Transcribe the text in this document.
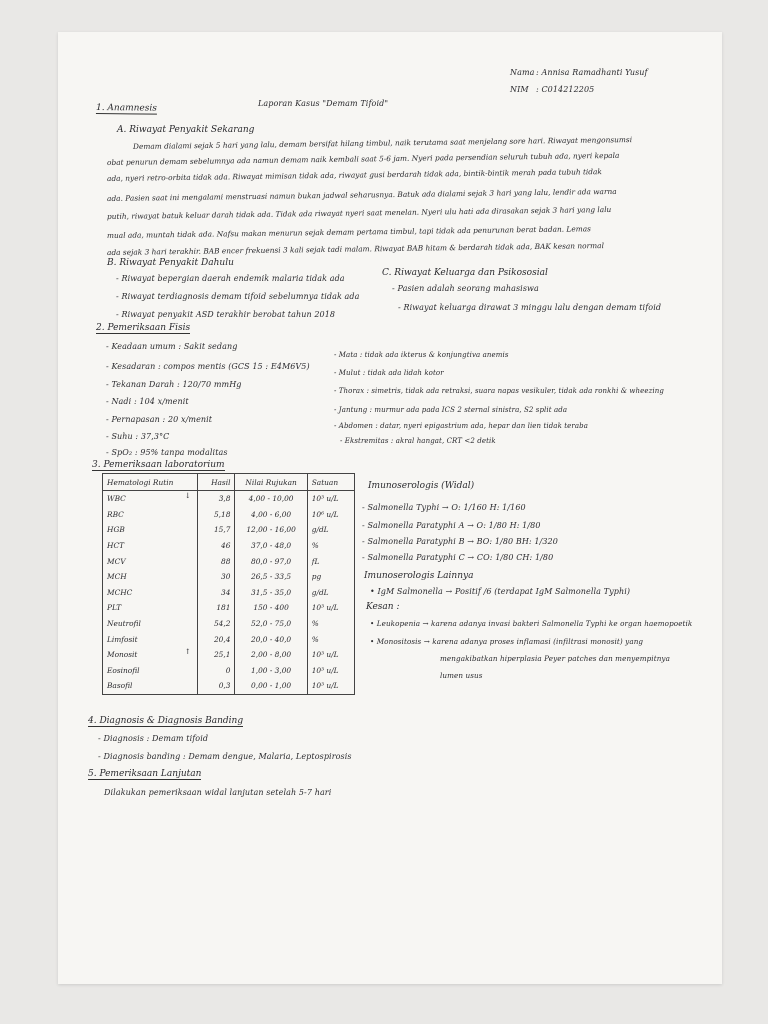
Nama : Annisa Ramadhanti Yusuf
NIM : C014212205
Laporan Kasus "Demam Tifoid"
1. Anamnesis
A. Riwayat Penyakit Sekarang
Demam dialami sejak 5 hari yang lalu, demam bersifat hilang timbul, naik terutama saat menjelang sore hari. Riwayat mengonsumsi
obat penurun demam sebelumnya ada namun demam naik kembali saat 5-6 jam. Nyeri pada persendian seluruh tubuh ada, nyeri kepala
ada, nyeri retro-orbita tidak ada. Riwayat mimisan tidak ada, riwayat gusi berdarah tidak ada, bintik-bintik merah pada tubuh tidak
ada. Pasien saat ini mengalami menstruasi namun bukan jadwal seharusnya. Batuk ada dialami sejak 3 hari yang lalu, lendir ada warna
putih, riwayat batuk keluar darah tidak ada. Tidak ada riwayat nyeri saat menelan. Nyeri ulu hati ada dirasakan sejak 3 hari yang lalu
mual ada, muntah tidak ada. Nafsu makan menurun sejak demam pertama timbul, tapi tidak ada penurunan berat badan. Lemas
ada sejak 3 hari terakhir. BAB encer frekuensi 3 kali sejak tadi malam. Riwayat BAB hitam & berdarah tidak ada, BAK kesan normal
B. Riwayat Penyakit Dahulu
- Riwayat bepergian daerah endemik malaria tidak ada
- Riwayat terdiagnosis demam tifoid sebelumnya tidak ada
- Riwayat penyakit ASD terakhir berobat tahun 2018
C. Riwayat Keluarga dan Psikososial
- Pasien adalah seorang mahasiswa
- Riwayat keluarga dirawat 3 minggu lalu dengan demam tifoid
2. Pemeriksaan Fisis
- Keadaan umum : Sakit sedang
- Kesadaran : compos mentis (GCS 15 : E4M6V5)
- Tekanan Darah : 120/70 mmHg
- Nadi : 104 x/menit
- Pernapasan : 20 x/menit
- Suhu : 37,3°C
- SpO₂ : 95% tanpa modalitas
- Mata : tidak ada ikterus & konjungtiva anemis
- Mulut : tidak ada lidah kotor
- Thorax : simetris, tidak ada retraksi, suara napas vesikuler, tidak ada ronkhi & wheezing
- Jantung : murmur ada pada ICS 2 sternal sinistra, S2 split ada
- Abdomen : datar, nyeri epigastrium ada, hepar dan lien tidak teraba
- Ekstremitas : akral hangat, CRT <2 detik
3. Pemeriksaan laboratorium
Hematologi Rutin	Hasil	Nilai Rujukan	Satuan
WBC ↓	3,8	4,00 - 10,00	10³ u/L
RBC	5,18	4,00 - 6,00	10⁶ u/L
HGB	15,7	12,00 - 16,00	g/dL
HCT	46	37,0 - 48,0	%
MCV	88	80,0 - 97,0	fL
MCH	30	26,5 - 33,5	pg
MCHC	34	31,5 - 35,0	g/dL
PLT	181	150 - 400	10³ u/L
Neutrofil	54,2	52,0 - 75,0	%
Limfosit	20,4	20,0 - 40,0	%
Monosit ↑	25,1	2,00 - 8,00	10³ u/L
Eosinofil	0	1,00 - 3,00	10³ u/L
Basofil	0,3	0,00 - 1,00	10³ u/L
Imunoserologis (Widal)
- Salmonella Typhi → O: 1/160 H: 1/160
- Salmonella Paratyphi A → O: 1/80 H: 1/80
- Salmonella Paratyphi B → BO: 1/80 BH: 1/320
- Salmonella Paratyphi C → CO: 1/80 CH: 1/80
Imunoserologis Lainnya
• IgM Salmonella → Positif /6 (terdapat IgM Salmonella Typhi)
Kesan :
• Leukopenia → karena adanya invasi bakteri Salmonella Typhi ke organ haemopoetik
• Monositosis → karena adanya proses inflamasi (infiltrasi monosit) yang
mengakibatkan hiperplasia Peyer patches dan menyempitnya
lumen usus
4. Diagnosis & Diagnosis Banding
- Diagnosis : Demam tifoid
- Diagnosis banding : Demam dengue, Malaria, Leptospirosis
5. Pemeriksaan Lanjutan
Dilakukan pemeriksaan widal lanjutan setelah 5-7 hari
